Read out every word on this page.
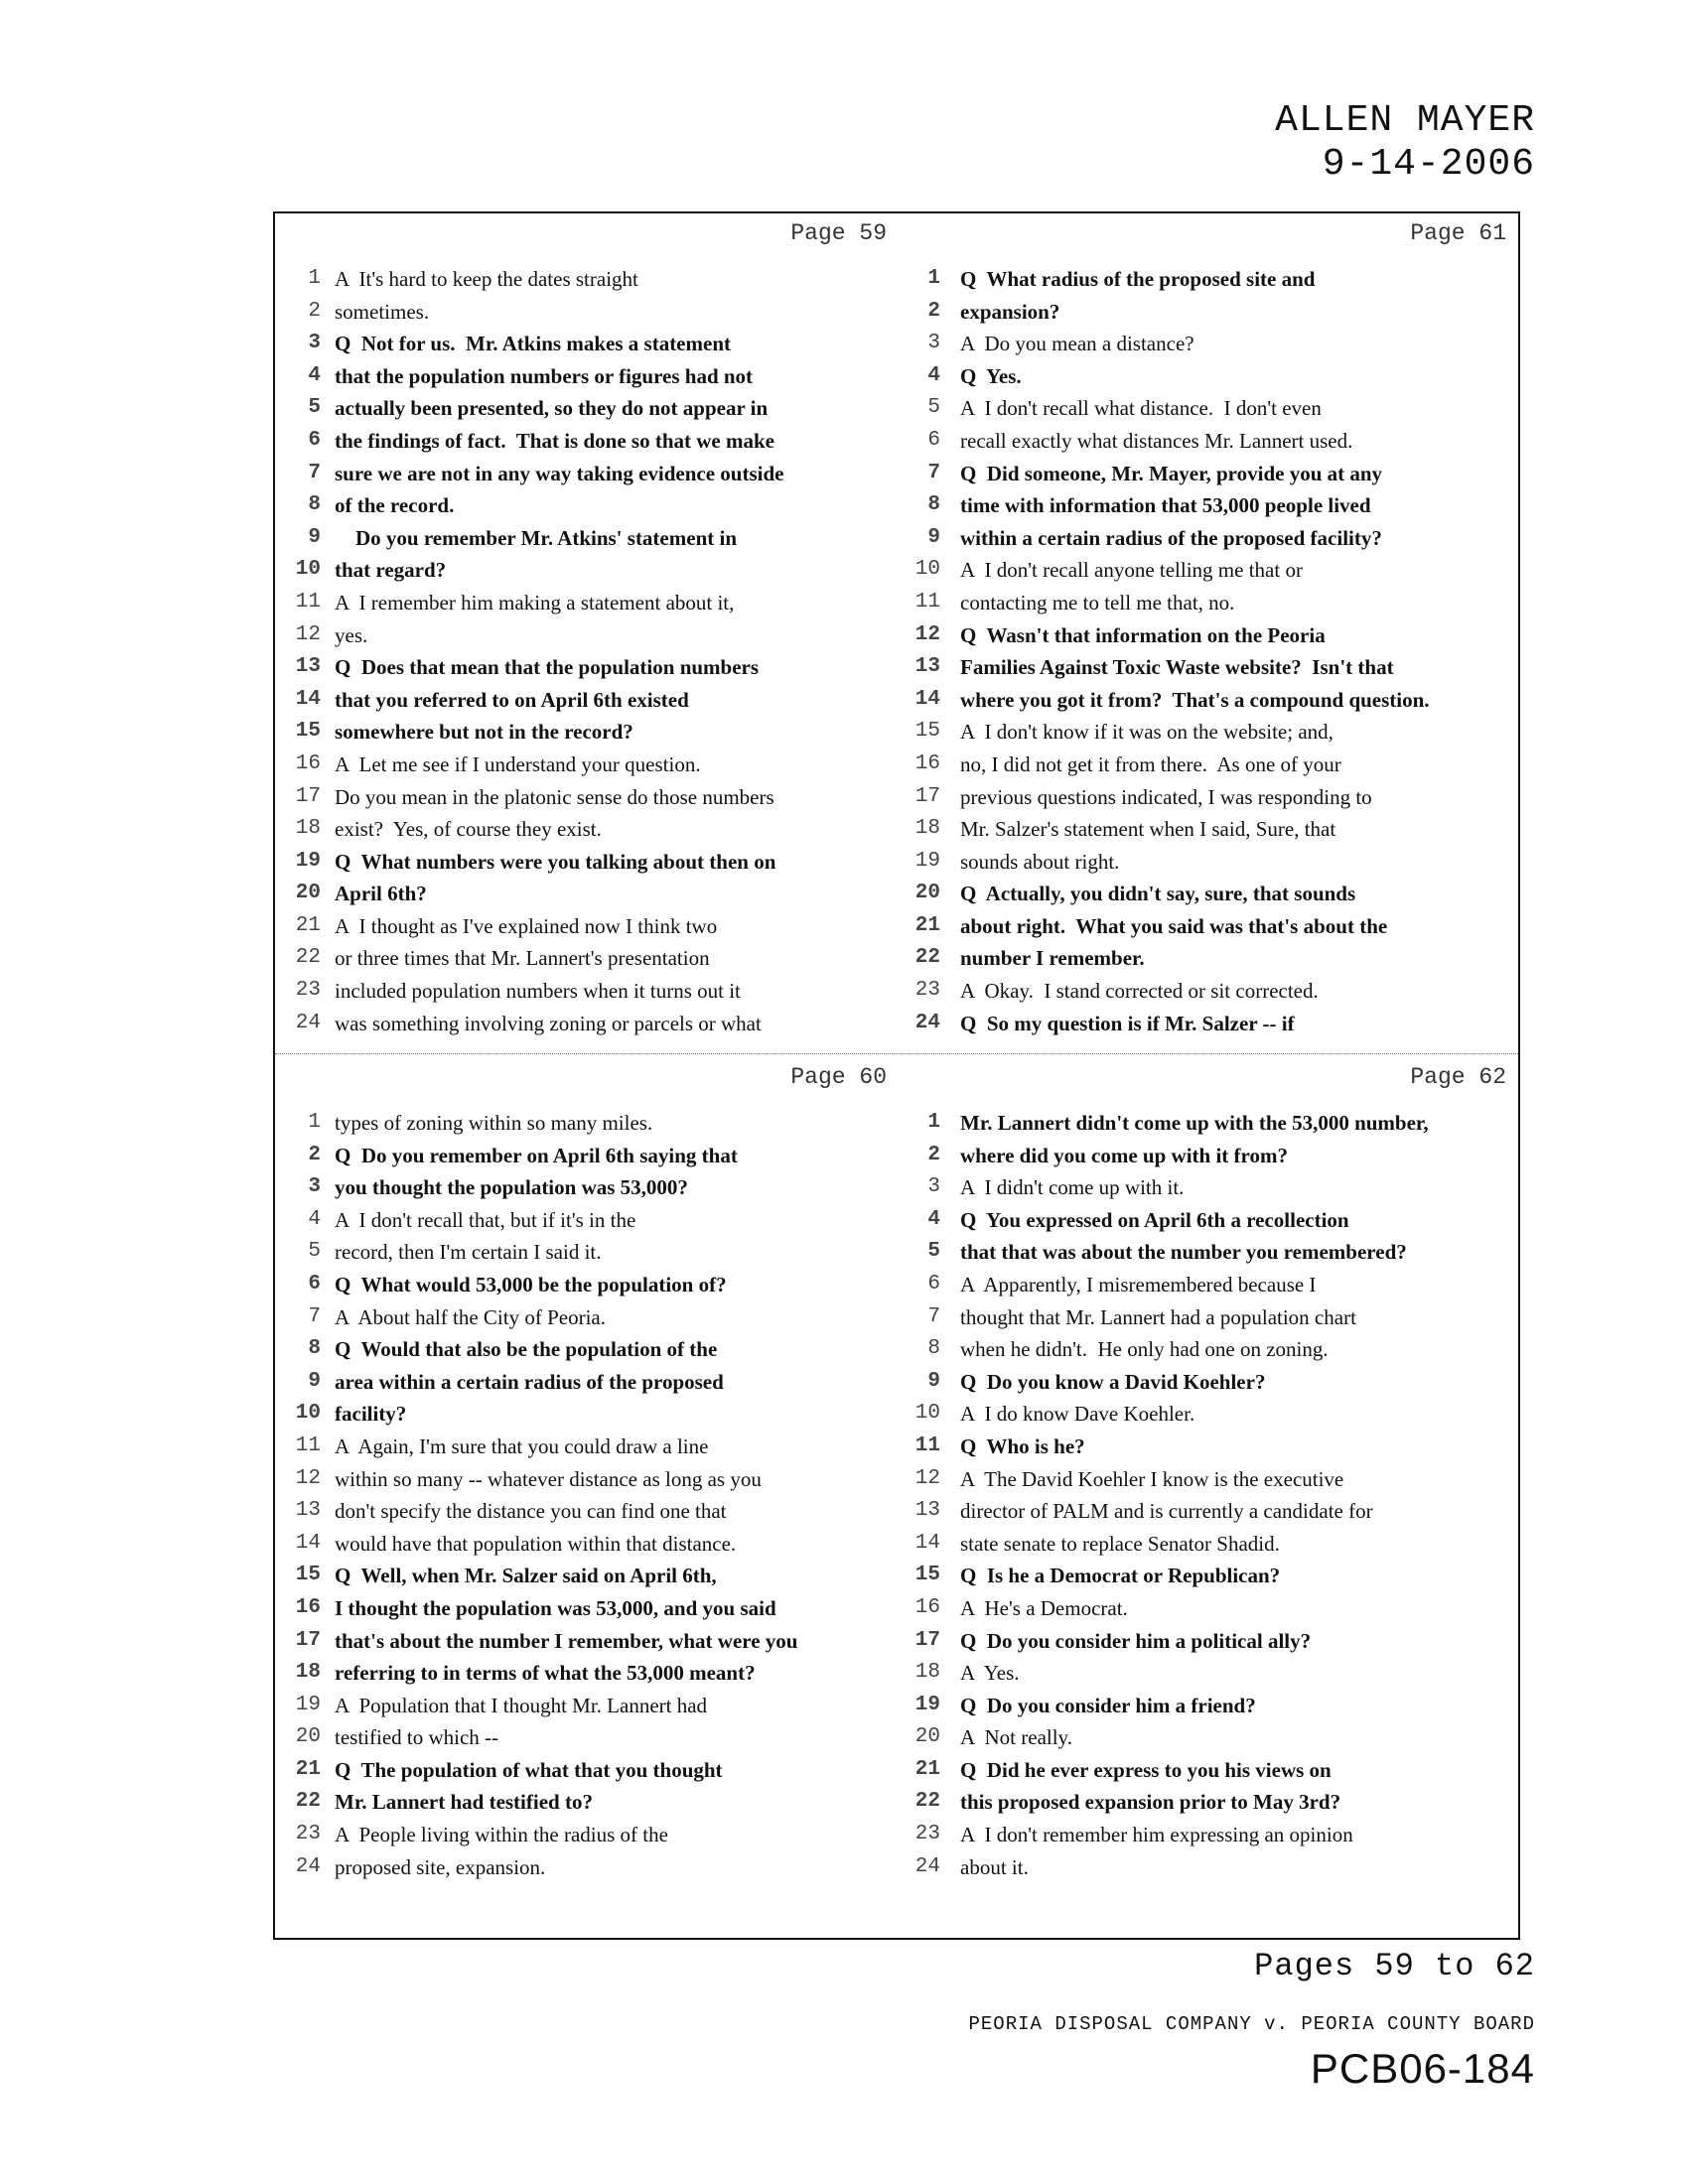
ALLEN MAYER
9-14-2006
Page 59
1 A  It's hard to keep the dates straight
2 sometimes.
3 Q  Not for us.  Mr. Atkins makes a statement
4 that the population numbers or figures had not
5 actually been presented, so they do not appear in
6 the findings of fact.  That is done so that we make
7 sure we are not in any way taking evidence outside
8 of the record.
9 Do you remember Mr. Atkins' statement in
10 that regard?
11 A  I remember him making a statement about it,
12 yes.
13 Q  Does that mean that the population numbers
14 that you referred to on April 6th existed
15 somewhere but not in the record?
16 A  Let me see if I understand your question.
17 Do you mean in the platonic sense do those numbers
18 exist?  Yes, of course they exist.
19 Q  What numbers were you talking about then on
20 April 6th?
21 A  I thought as I've explained now I think two
22 or three times that Mr. Lannert's presentation
23 included population numbers when it turns out it
24 was something involving zoning or parcels or what
Page 61
1 Q  What radius of the proposed site and
2 expansion?
3 A  Do you mean a distance?
4 Q  Yes.
5 A  I don't recall what distance.  I don't even
6 recall exactly what distances Mr. Lannert used.
7 Q  Did someone, Mr. Mayer, provide you at any
8 time with information that 53,000 people lived
9 within a certain radius of the proposed facility?
10 A  I don't recall anyone telling me that or
11 contacting me to tell me that, no.
12 Q  Wasn't that information on the Peoria
13 Families Against Toxic Waste website?  Isn't that
14 where you got it from?  That's a compound question.
15 A  I don't know if it was on the website; and,
16 no, I did not get it from there.  As one of your
17 previous questions indicated, I was responding to
18 Mr. Salzer's statement when I said, Sure, that
19 sounds about right.
20 Q  Actually, you didn't say, sure, that sounds
21 about right.  What you said was that's about the
22 number I remember.
23 A  Okay.  I stand corrected or sit corrected.
24 Q  So my question is if Mr. Salzer -- if
Page 60
1 types of zoning within so many miles.
2 Q  Do you remember on April 6th saying that
3 you thought the population was 53,000?
4 A  I don't recall that, but if it's in the
5 record, then I'm certain I said it.
6 Q  What would 53,000 be the population of?
7 A  About half the City of Peoria.
8 Q  Would that also be the population of the
9 area within a certain radius of the proposed
10 facility?
11 A  Again, I'm sure that you could draw a line
12 within so many -- whatever distance as long as you
13 don't specify the distance you can find one that
14 would have that population within that distance.
15 Q  Well, when Mr. Salzer said on April 6th,
16 I thought the population was 53,000, and you said
17 that's about the number I remember, what were you
18 referring to in terms of what the 53,000 meant?
19 A  Population that I thought Mr. Lannert had
20 testified to which --
21 Q  The population of what that you thought
22 Mr. Lannert had testified to?
23 A  People living within the radius of the
24 proposed site, expansion.
Page 62
1 Mr. Lannert didn't come up with the 53,000 number,
2 where did you come up with it from?
3 A  I didn't come up with it.
4 Q  You expressed on April 6th a recollection
5 that that was about the number you remembered?
6 A  Apparently, I misremembered because I
7 thought that Mr. Lannert had a population chart
8 when he didn't.  He only had one on zoning.
9 Q  Do you know a David Koehler?
10 A  I do know Dave Koehler.
11 Q  Who is he?
12 A  The David Koehler I know is the executive
13 director of PALM and is currently a candidate for
14 state senate to replace Senator Shadid.
15 Q  Is he a Democrat or Republican?
16 A  He's a Democrat.
17 Q  Do you consider him a political ally?
18 A  Yes.
19 Q  Do you consider him a friend?
20 A  Not really.
21 Q  Did he ever express to you his views on
22 this proposed expansion prior to May 3rd?
23 A  I don't remember him expressing an opinion
24 about it.
Pages 59 to 62
PEORIA DISPOSAL COMPANY v. PEORIA COUNTY BOARD
PCB06-184
